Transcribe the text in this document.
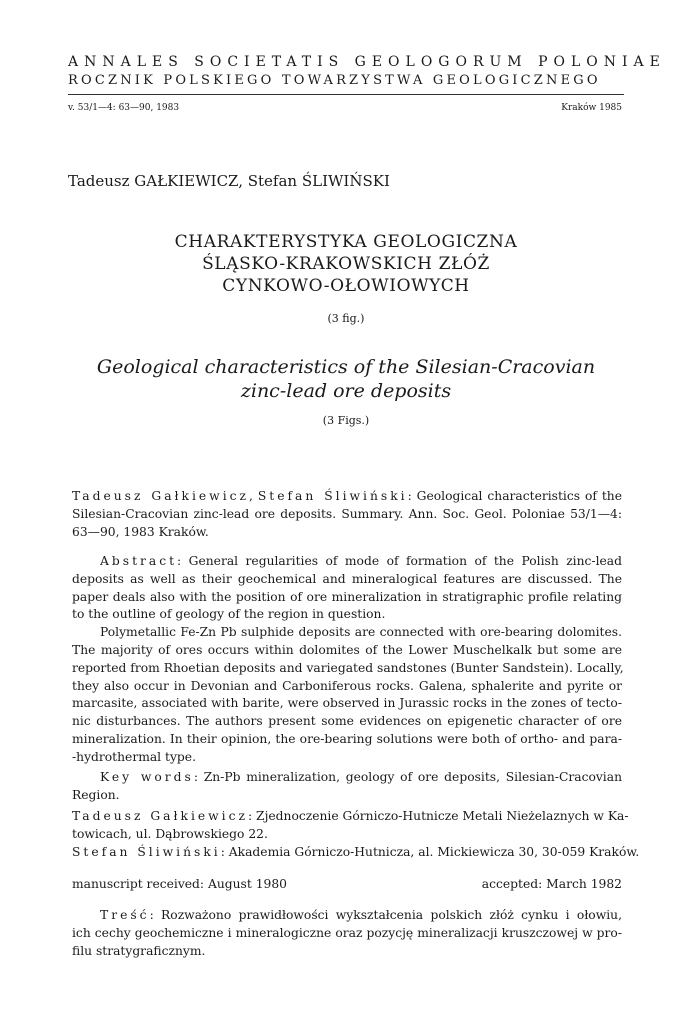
ANNALES SOCIETATIS GEOLOGORUM POLONIAE
ROCZNIK POLSKIEGO TOWARZYSTWA GEOLOGICZNEGO
v. 53/1—4: 63—90, 1983	Kraków 1985
Tadeusz GAŁKIEWICZ, Stefan ŚLIWIŃSKI
CHARAKTERYSTYKA GEOLOGICZNA
ŚLĄSKO-KRAKOWSKICH ZŁÓŻ
CYNKOWO-OŁOWIOWYCH
(3 fig.)
Geological characteristics of the Silesian-Cracovian
zinc-lead ore deposits
(3 Figs.)
Tadeusz Gałkiewicz, Stefan Śliwiński: Geological characteristics of the
Silesian-Cracovian zinc-lead ore deposits. Summary. Ann. Soc. Geol. Poloniae 53/1—4:
63—90, 1983 Kraków.
Abstract: General regularities of mode of formation of the Polish zinc-lead
deposits as well as their geochemical and mineralogical features are discussed. The
paper deals also with the position of ore mineralization in stratigraphic profile relating
to the outline of geology of the region in question.
Polymetallic Fe-Zn Pb sulphide deposits are connected with ore-bearing dolomites.
The majority of ores occurs within dolomites of the Lower Muschelkalk but some are
reported from Rhoetian deposits and variegated sandstones (Bunter Sandstein). Locally,
they also occur in Devonian and Carboniferous rocks. Galena, sphalerite and pyrite or
marcasite, associated with barite, were observed in Jurassic rocks in the zones of tecto-
nic disturbances. The authors present some evidences on epigenetic character of ore
mineralization. In their opinion, the ore-bearing solutions were both of ortho- and para-
-hydrothermal type.
Key words: Zn-Pb mineralization, geology of ore deposits, Silesian-Cracovian
Region.
Tadeusz Gałkiewicz: Zjednoczenie Górniczo-Hutnicze Metali Nieżelaznych w Ka-
towicach, ul. Dąbrowskiego 22.
Stefan Śliwiński: Akademia Górniczo-Hutnicza, al. Mickiewicza 30, 30-059 Kraków.
manuscript received: August 1980	accepted: March 1982
Treść: Rozważono prawidłowości wykształcenia polskich złóż cynku i ołowiu,
ich cechy geochemiczne i mineralogiczne oraz pozycję mineralizacji kruszczowej w pro-
filu stratygraficznym.
